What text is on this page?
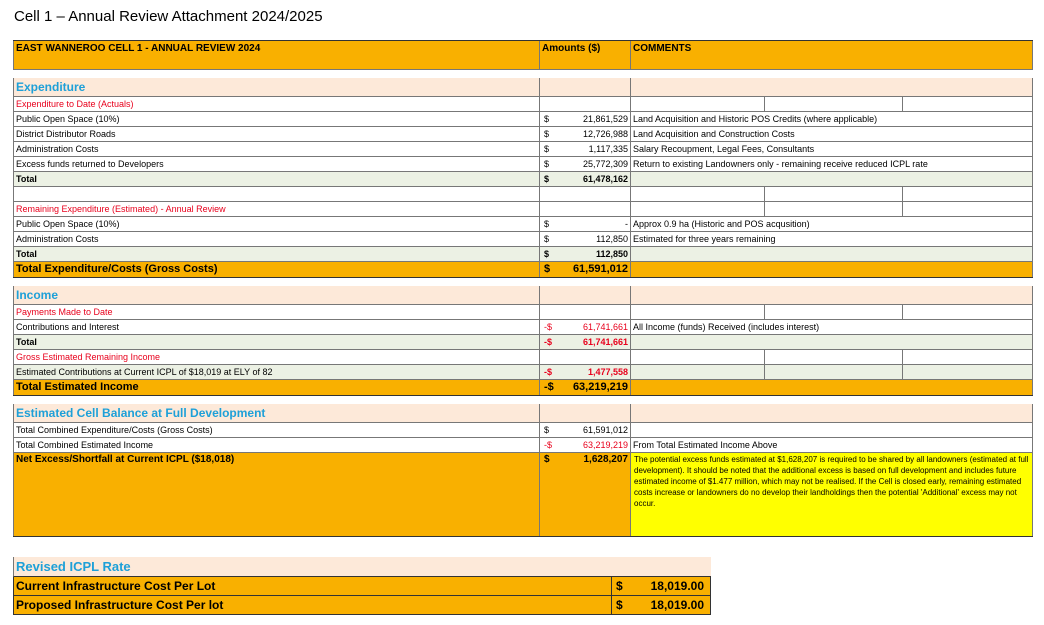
Cell 1 – Annual Review Attachment 2024/2025
EAST WANNEROO CELL 1 - ANNUAL REVIEW 2024	Amounts ($)	COMMENTS
Expenditure
Expenditure to Date (Actuals)
Public Open Space (10%)	$	21,861,529 Land Acquisition and Historic POS Credits (where applicable)
District Distributor Roads	$	12,726,988 Land Acquisition and Construction Costs
Administration Costs	$	1,117,335 Salary Recoupment, Legal Fees, Consultants
Excess funds returned to Developers	$	25,772,309 Return to existing Landowners only - remaining receive reduced ICPL rate
Total	$	61,478,162
Remaining Expenditure (Estimated) - Annual Review
Public Open Space (10%)	$	- Approx 0.9 ha (Historic and POS acqusition)
Administration Costs	$	112,850 Estimated for three years remaining
Total	$	112,850
Total Expenditure/Costs (Gross Costs)	$ 61,591,012
Income
Payments Made to Date
Contributions and Interest	-$	61,741,661 All Income (funds) Received (includes interest)
Total	-$	61,741,661
Gross Estimated Remaining Income
Estimated Contributions at Current ICPL of $18,019 at ELY of 82	-$	1,477,558
Total Estimated Income	-$ 63,219,219
Estimated Cell Balance at Full Development
Total Combined Expenditure/Costs (Gross Costs)	$	61,591,012
Total Combined Estimated Income	-$	63,219,219 From Total Estimated Income Above
Net Excess/Shortfall at Current ICPL ($18,018)	$	1,628,207 The potential excess funds estimated at $1,628,207 is required to be shared by all landowners (estimated at full development). It should be noted that the additional excess is based on full development and includes future estimated income of $1.477 million, which may not be realised. If the Cell is closed early, remaining estimated costs increase or landowners do no develop their landholdings then the potential 'Additional' excess may not occur.
Revised ICPL Rate
Current Infrastructure Cost Per Lot	$ 18,019.00
Proposed Infrastructure Cost Per lot	$ 18,019.00
